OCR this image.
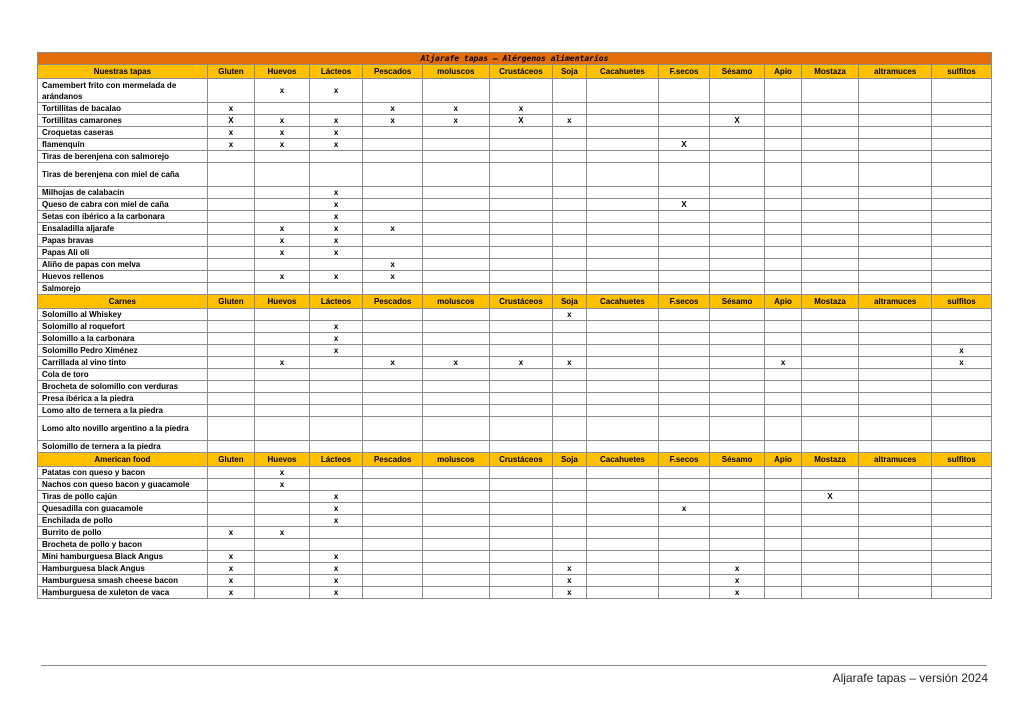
Aljarafe tapas – Alérgenos alimentarios														
Nuestras tapas	Gluten	Huevos	Lácteos	Pescados	moluscos	Crustáceos	Soja	Cacahuetes	F.secos	Sésamo	Apio	Mostaza	altramuces	sulfitos
Camembert frito con mermelada de arándanos		x	x											
Tortillitas de bacalao	x			x	x	x								
Tortillitas camarones	X	x	x	x	x	X	x			X				
Croquetas caseras	x	x	x											
flamenquín	x	x	x						X					
Tiras de berenjena con salmorejo														
Tiras de berenjena con miel de caña														
Milhojas de calabacín			x											
Queso de cabra con miel de caña			x						X					
Setas con ibérico a la carbonara			x											
Ensaladilla aljarafe		x	x	x										
Papas bravas		x	x											
Papas Ali oli		x	x											
Aliño de papas con melva				x										
Huevos rellenos		x	x	x										
Salmorejo														
Carnes	Gluten	Huevos	Lácteos	Pescados	moluscos	Crustáceos	Soja	Cacahuetes	F.secos	Sésamo	Apio	Mostaza	altramuces	sulfitos
Solomillo al Whiskey							x							
Solomillo al roquefort			x											
Solomillo a la carbonara			x											
Solomillo Pedro Ximénez			x											x
Carrillada al vino tinto		x		x	x	x	x				x			x
Cola de toro														
Brocheta de solomillo con verduras														
Presa ibérica a la piedra														
Lomo alto de ternera a la piedra														
Lomo alto novillo argentino a la piedra														
Solomillo de ternera a la piedra														
American food	Gluten	Huevos	Lácteos	Pescados	moluscos	Crustáceos	Soja	Cacahuetes	F.secos	Sésamo	Apio	Mostaza	altramuces	sulfitos
Patatas con queso y bacon		x												
Nachos con queso bacon y guacamole		x												
Tiras de pollo cajún			x									X		
Quesadilla con guacamole			x						x					
Enchilada de pollo			x											
Burrito de pollo	x	x												
Brocheta de pollo y bacon														
Mini hamburguesa Black Angus	x		x											
Hamburguesa black Angus	x		x				x			x				
Hamburguesa smash cheese bacon	x		x				x			x				
Hamburguesa de xuleton de vaca	x		x				x			x				
Aljarafe tapas – versión 2024
